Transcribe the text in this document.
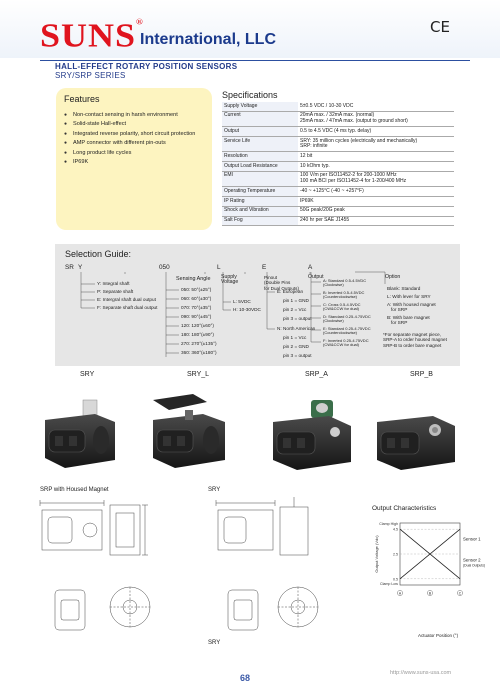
SUNS®
International, LLC
CE
HALL-EFFECT ROTARY POSITION SENSORS
SRY/SRP SERIES
Features
● Non-contact sensing in harsh environment
● Solid-state Hall-effect
● Integrated reverse polarity, short circuit protection
● AMP connector with different pin-outs
● Long product life cycles
● IP69K
Specifications
Supply Voltage	5±0.5 VDC / 10-30 VDC
Current	20mA max. / 32mA max. (normal)
25mA max. / 47mA max. (output to ground short)
Output	0.5 to 4.5 VDC (4 ms typ. delay)
Service Life	SRY: 35 million cycles (electrically and mechanically)
SRP: infinite
Resolution	12 bit
Output Load Resistance	10 kOhm typ.
EMI	100 V/m per ISO11452-2 for 200-1000 MHz
100 mA BCI per ISO11452-4 for 1-200/400 MHz
Operating Temperature	-40 ~ +125°C (-40 ~ +257°F)
IP Rating	IP69K
Shock and Vibration	50G peak/20G peak
Salt Fog	240 hr per SAE J1455
Selection Guide:
SR Y	050	L	E	A
Y: Integral shaft
P: Separate shaft
E: Intergral shaft dual output
F: Separate shaft dual output
Sensing Angle
050: 50°(±25°)
060: 60°(±30°)
070: 70°(±35°)
090: 90°(±45°)
120: 120°(±60°)
180: 180°(±90°)
270: 270°(±135°)
360: 360°(±180°)
Supply
Voltage
L: 5VDC
H: 10-30VDC
Pinout
(Double Pins
for Dual Outputs)
E: European
pin 1 = GND
pin 2 = Vcc
pin 3 = output
N: North American
pin 1 = Vcc
pin 2 = GND
pin 3 = output
Output
A: Standard 0.5-4.5VDC
(Clockwise)
B: Inverted 0.5-4.5VDC
(Counterclockwise)
C: Cross 0.5-4.5VDC
(CW&CCW for dual)
D: Standard 0.25-4.75VDC
(Clockwise)
E: Standard 0.25-4.75VDC
(Counterclockwise)
F: Inverted 0.25-4.75VDC
(CW&CCW for dual)
Option
Blank: Standard
L: With lever for SRY
A: With housed magnet
for SRP
B: With bare magnet
for SRP
*For separate magnet piece,
SRP-A to order housed magnet
SRP-B to order bare magnet
SRY	SRY_L	SRP_A	SRP_B
SRP with Housed Magnet	SRY
SRY
Output Characteristics
Clamp High
4.5
2.5
0.5
Clamp Low
Output Voltage (Vdc)	Sensor 1
Sensor 2
(Dual Outputs)
A	B	C
Actuator Position (°)
68	http://www.suns-usa.com
